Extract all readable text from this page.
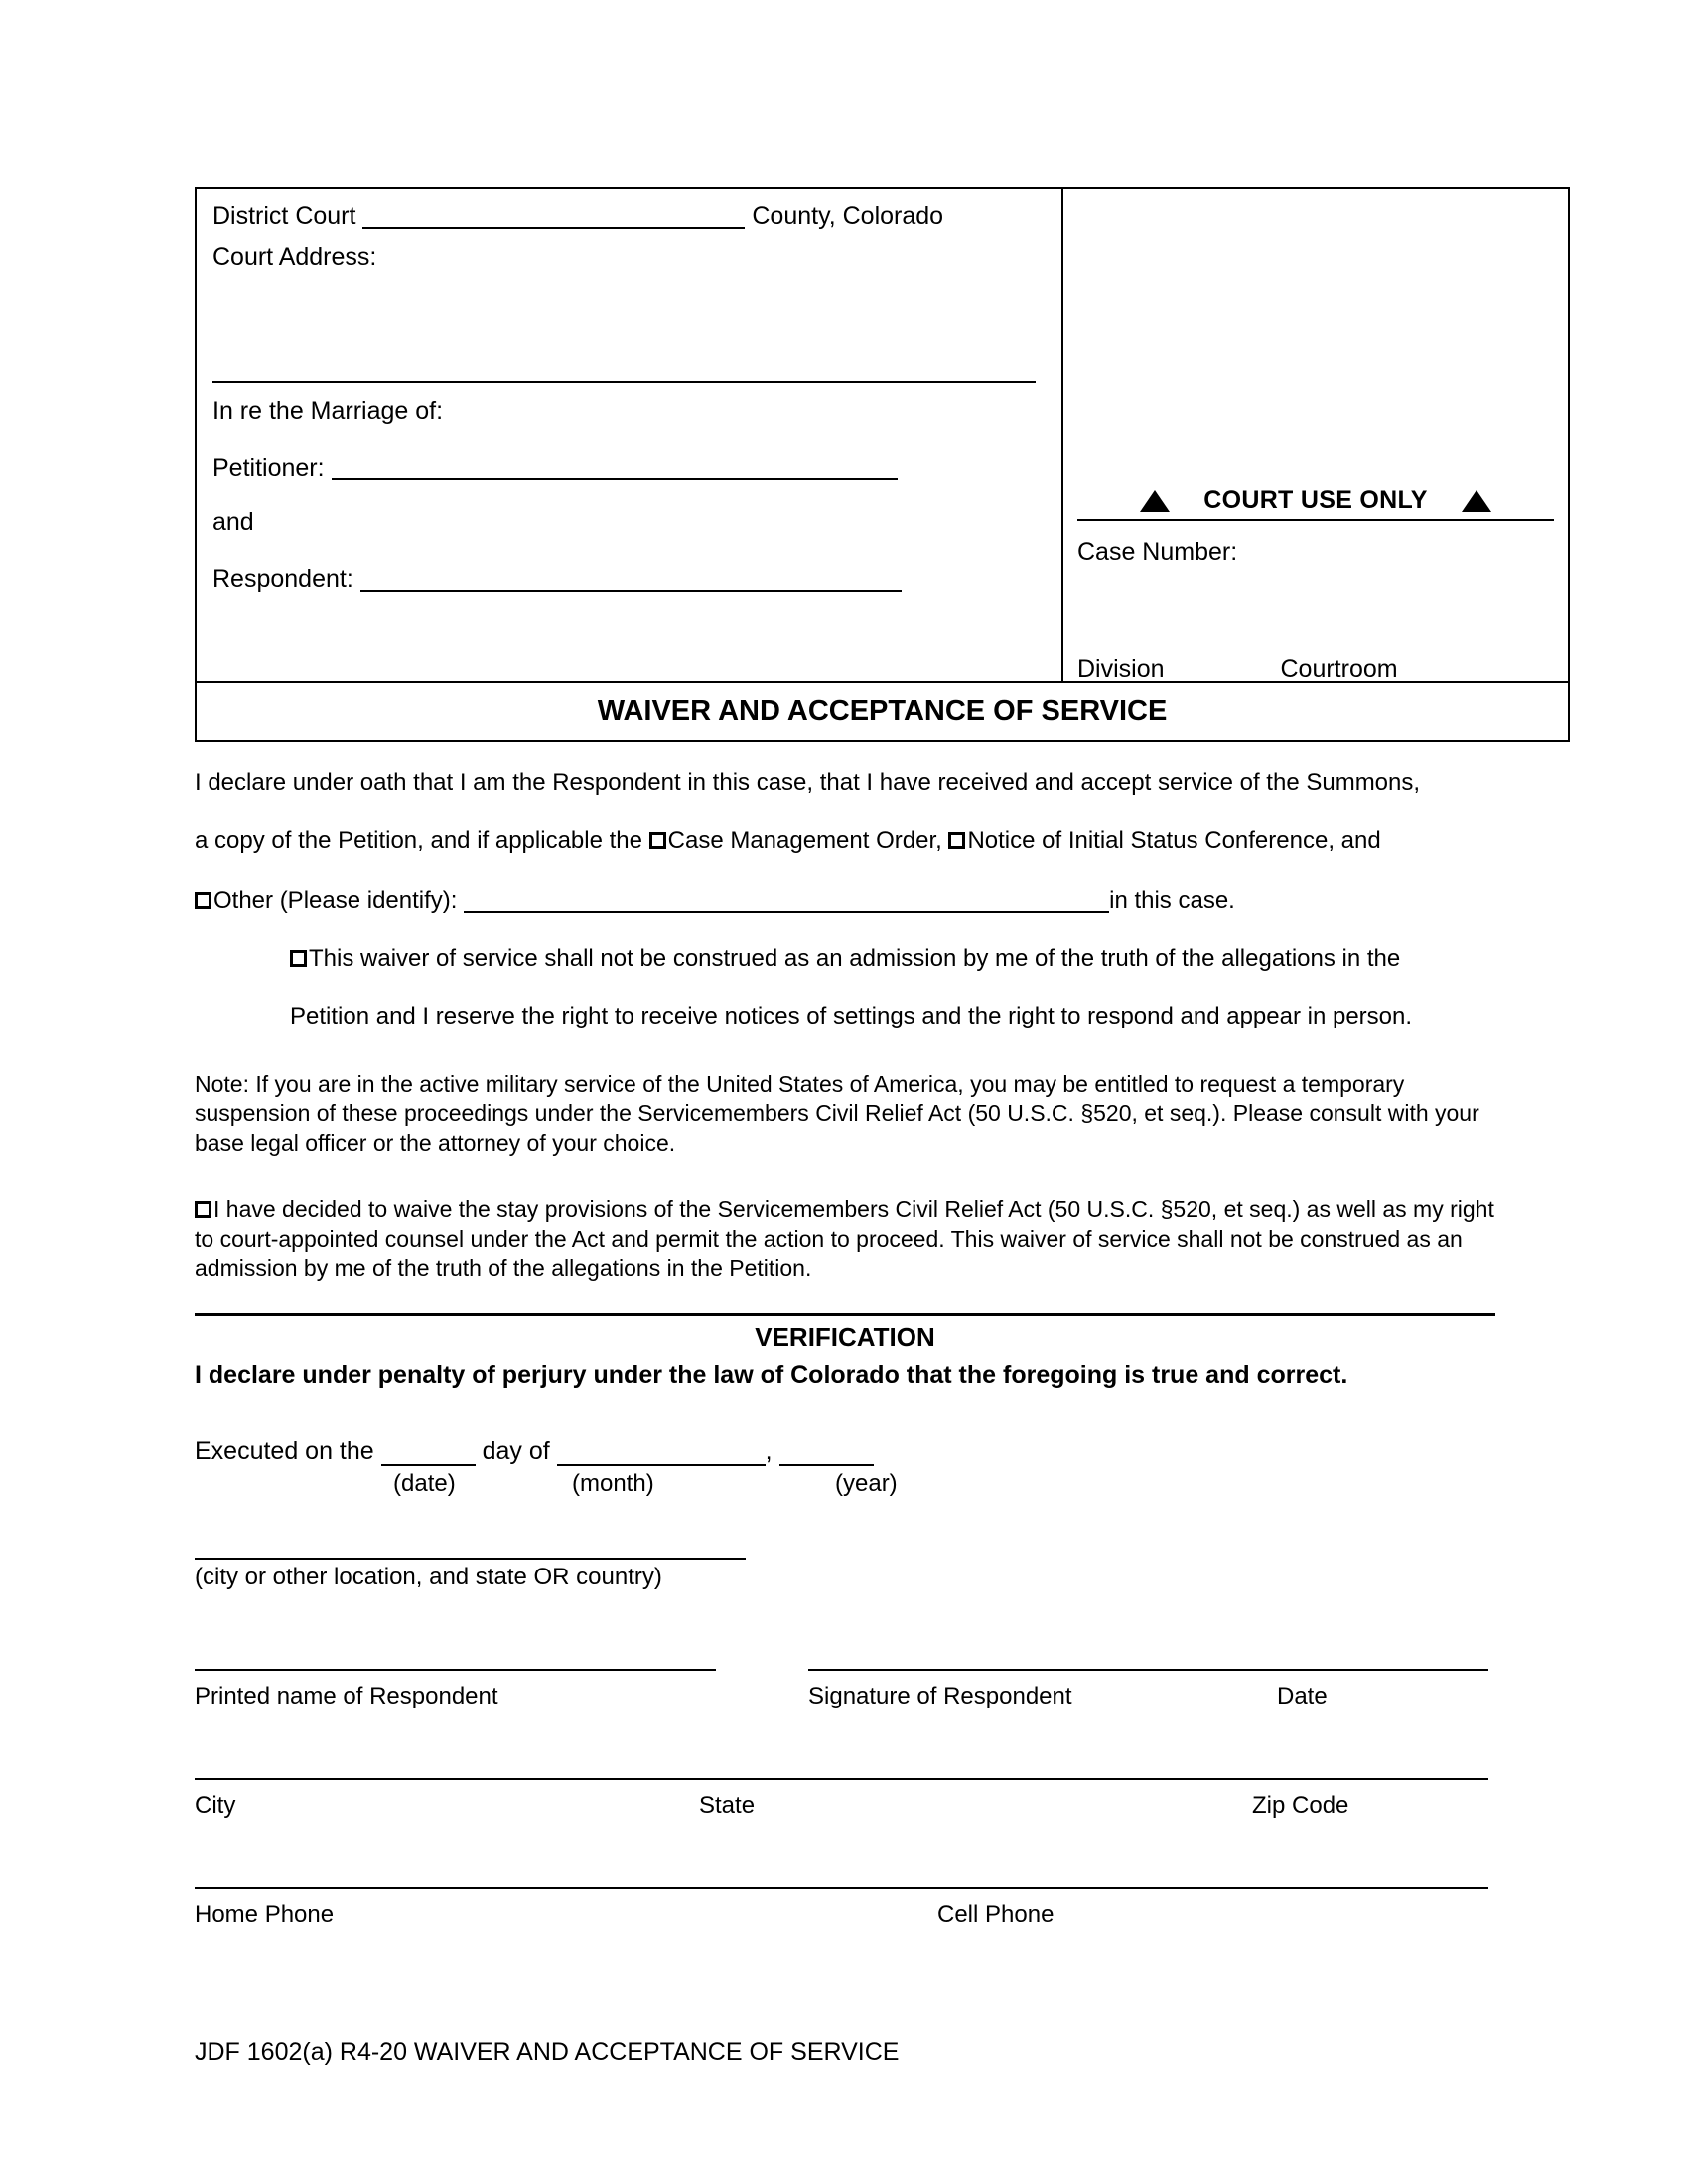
District Court	County, Colorado
Court Address:
In re the Marriage of:
Petitioner:
and
Respondent:
COURT USE ONLY
Case Number:
Division	Courtroom
WAIVER AND ACCEPTANCE OF SERVICE
I declare under oath that I am the Respondent in this case, that I have received and accept service of the Summons,
a copy of the Petition, and if applicable the Case Management Order, Notice of Initial Status Conference, and
Other (Please identify):	in this case.
This waiver of service shall not be construed as an admission by me of the truth of the allegations in the
Petition and I reserve the right to receive notices of settings and the right to respond and appear in person.
Note: If you are in the active military service of the United States of America, you may be entitled to request a temporary suspension of these proceedings under the Servicemembers Civil Relief Act (50 U.S.C. §520, et seq.). Please consult with your base legal officer or the attorney of your choice.
I have decided to waive the stay provisions of the Servicemembers Civil Relief Act (50 U.S.C. §520, et seq.) as well as my right to court-appointed counsel under the Act and permit the action to proceed. This waiver of service shall not be construed as an admission by me of the truth of the allegations in the Petition.
VERIFICATION
I declare under penalty of perjury under the law of Colorado that the foregoing is true and correct.
Executed on the	day of	,
(date)	(month)	(year)
(city or other location, and state OR country)
Printed name of Respondent	Signature of Respondent	Date
City	State	Zip Code
Home Phone	Cell Phone
JDF 1602(a) R4-20 WAIVER AND ACCEPTANCE OF SERVICE
